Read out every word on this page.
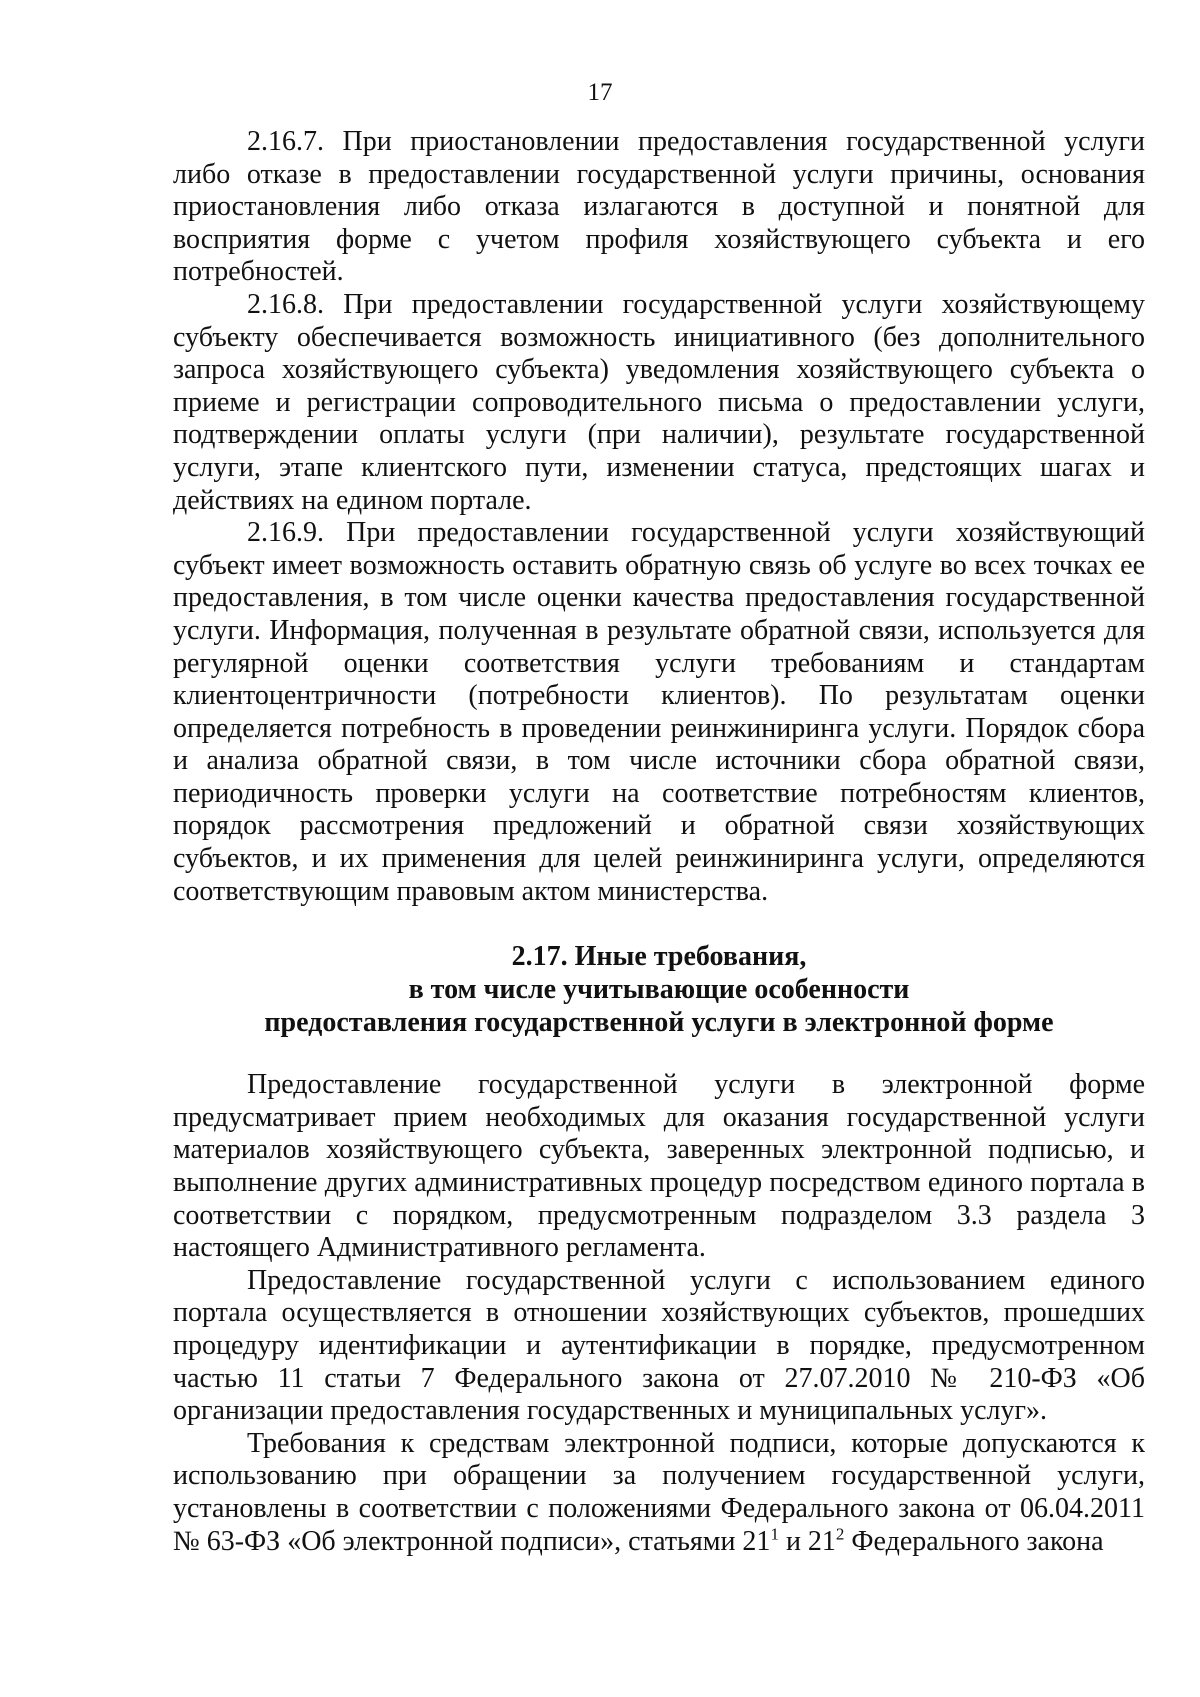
17

2.16.7. При приостановлении предоставления государственной услуги либо отказе в предоставлении государственной услуги причины, основания приостановления либо отказа излагаются в доступной и понятной для восприятия форме с учетом профиля хозяйствующего субъекта и его потребностей.

2.16.8. При предоставлении государственной услуги хозяйствующему субъекту обеспечивается возможность инициативного (без дополнительного запроса хозяйствующего субъекта) уведомления хозяйствующего субъекта о приеме и регистрации сопроводительного письма о предоставлении услуги, подтверждении оплаты услуги (при наличии), результате государственной услуги, этапе клиентского пути, изменении статуса, предстоящих шагах и действиях на едином портале.

2.16.9. При предоставлении государственной услуги хозяйствующий субъект имеет возможность оставить обратную связь об услуге во всех точках ее предоставления, в том числе оценки качества предоставления государственной услуги. Информация, полученная в результате обратной связи, используется для регулярной оценки соответствия услуги требованиям и стандартам клиентоцентричности (потребности клиентов). По результатам оценки определяется потребность в проведении реинжиниринга услуги. Порядок сбора и анализа обратной связи, в том числе источники сбора обратной связи, периодичность проверки услуги на соответствие потребностям клиентов, порядок рассмотрения предложений и обратной связи хозяйствующих субъектов, и их применения для целей реинжиниринга услуги, определяются соответствующим правовым актом министерства.

2.17. Иные требования,
в том числе учитывающие особенности
предоставления государственной услуги в электронной форме

Предоставление государственной услуги в электронной форме предусматривает прием необходимых для оказания государственной услуги материалов хозяйствующего субъекта, заверенных электронной подписью, и выполнение других административных процедур посредством единого портала в соответствии с порядком, предусмотренным подразделом 3.3 раздела 3 настоящего Административного регламента.

Предоставление государственной услуги с использованием единого портала осуществляется в отношении хозяйствующих субъектов, прошедших процедуру идентификации и аутентификации в порядке, предусмотренном частью 11 статьи 7 Федерального закона от 27.07.2010 № 210-ФЗ «Об организации предоставления государственных и муниципальных услуг».

Требования к средствам электронной подписи, которые допускаются к использованию при обращении за получением государственной услуги, установлены в соответствии с положениями Федерального закона от 06.04.2011 № 63-ФЗ «Об электронной подписи», статьями $21^1$ и $21^2$ Федерального закона
